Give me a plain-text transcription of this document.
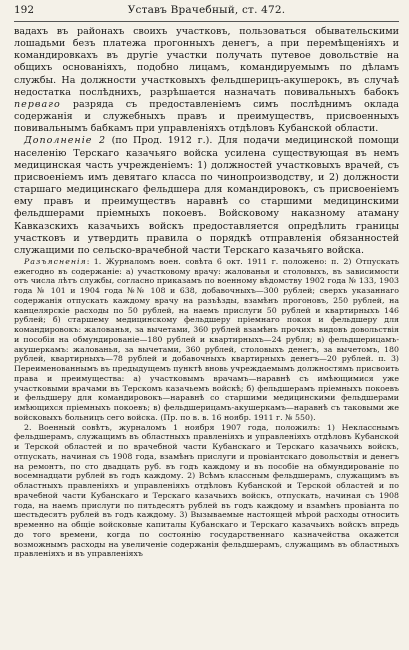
192	Уставъ Врачебный, ст. 472.

вадахъ въ районахъ своихъ участковъ, пользоваться обывательскими лошадьми безъ платежа прогонныхъ денегъ, а при перемѣщеніяхъ и командировкахъ въ другіе участки получать путевое довольствіе на общихъ основаніяхъ, подобно лицамъ, командируемымъ по дѣламъ службы. На должности участковыхъ фельдшерицъ-акушерокъ, въ случаѣ недостатка послѣднихъ, разрѣшается назначать повивальныхъ бабокъ перваго разряда съ предоставленіемъ симъ послѣднимъ оклада содержанія и служебныхъ правъ и преимуществъ, присвоенныхъ повивальнымъ бабкамъ при управленіяхъ отдѣловъ Кубанской области.

Дополненіе 2 (по Прод. 1912 г.). Для подачи медицинской помощи населенію Терскаго казачьяго войска усилена существующая въ немъ медицинская часть учрежденіемъ: 1) должностей участковыхъ врачей, съ присвоеніемъ имъ девятаго класса по чинопроизводству, и 2) должности старшаго медицинскаго фельдшера для командировокъ, съ присвоеніемъ ему правъ и преимуществъ наравнѣ со старшими медицинскими фельдшерами пріемныхъ покоевъ. Войсковому наказному атаману Кавказскихъ казачьихъ войскъ предоставляется опредѣлить границы участковъ и утвердить правила о порядкѣ отправленія обязанностей служащими по сельско-врачебной части Терскаго казачьяго войска.

Разъясненія: 1. Журналомъ воен. совѣта 6 окт. 1911 г. положено: п. 2) Отпускать ежегодно въ содержаніе: а) участковому врачу: жалованья и столовыхъ, въ зависимости отъ числа лѣтъ службы, согласно приказамъ по военному вѣдомству 1902 года № 133, 1903 года № 101 и 1904 года №№ 108 и 638, добавочныхъ—300 рублей; сверхъ указаннаго содержанія отпускать каждому врачу на разъѣзды, взамѣнъ прогоновъ, 250 рублей, на канцелярскіе расходы по 50 рублей, на наемъ прислуги 50 рублей и квартирныхъ 146 рублей; б) старшему медицинскому фельдшеру пріемнаго покоя и фельдшеру для командировокъ: жалованья, за вычетами, 360 рублей взамѣнъ прочихъ видовъ довольствія и пособія на обмундированіе—180 рублей и квартирныхъ—24 рубля; в) фельдшерицамъ-акушеркамъ: жалованья, за вычетами, 360 рублей, столовыхъ денегъ, за вычетомъ, 180 рублей, квартирныхъ—78 рублей и добавочныхъ квартирныхъ денегъ—20 рублей. п. 3) Переименованнымъ въ предыдущемъ пунктѣ вновь учреждаемымъ должностямъ присвоить права и преимущества: а) участковымъ врачамъ—наравнѣ съ имѣющимися уже участковыми врачами въ Терскомъ казачьемъ войскѣ; б) фельдшерамъ пріемныхъ покоевъ и фельдшеру для командировокъ—наравнѣ со старшими медицинскими фельдшерами имѣющихся пріемныхъ покоевъ; в) фельдшерицамъ-акушеркамъ—наравнѣ съ таковыми же войсковыхъ больницъ сего войска. (Пр. по в. в. 16 ноябр. 1911 г. № 550).

2. Военный совѣтъ, журналомъ 1 ноября 1907 года, положилъ: 1) Некласснымъ фельдшерамъ, служащимъ въ областныхъ правленіяхъ и управленіяхъ отдѣловъ Кубанской и Терской областей и по врачебной части Кубанскаго и Терскаго казачьихъ войскъ, отпускать, начиная съ 1908 года, взамѣнъ прислуги и провіантскаго довольствія и денегъ на ремонтъ, по сто двадцать руб. въ годъ каждому и въ пособіе на обмундированіе по восемнадцати рублей въ годъ каждому. 2) Всѣмъ классным фельдшерамъ, служащимъ въ областныхъ правленіяхъ и управленіяхъ отдѣловъ Кубанской и Терской областей и по врачебной части Кубанскаго и Терскаго казачьихъ войскъ, отпускать, начиная съ 1908 года, на наемъ прислуги по пятьдесятъ рублей въ годъ каждому и взамѣнъ провіанта по шестьдесятъ рублей въ годъ каждому. 3) Вызываемые настоящей мѣрой расходы относить временно на общіе войсковые капиталы Кубанскаго и Терскаго казачьихъ войскъ впредь до того времени, когда по состоянію государственнаго казначейства окажется возможнымъ расходы на увеличеніе содержанія фельдшерамъ, служащимъ въ областныхъ правленіяхъ и въ управленіяхъ
